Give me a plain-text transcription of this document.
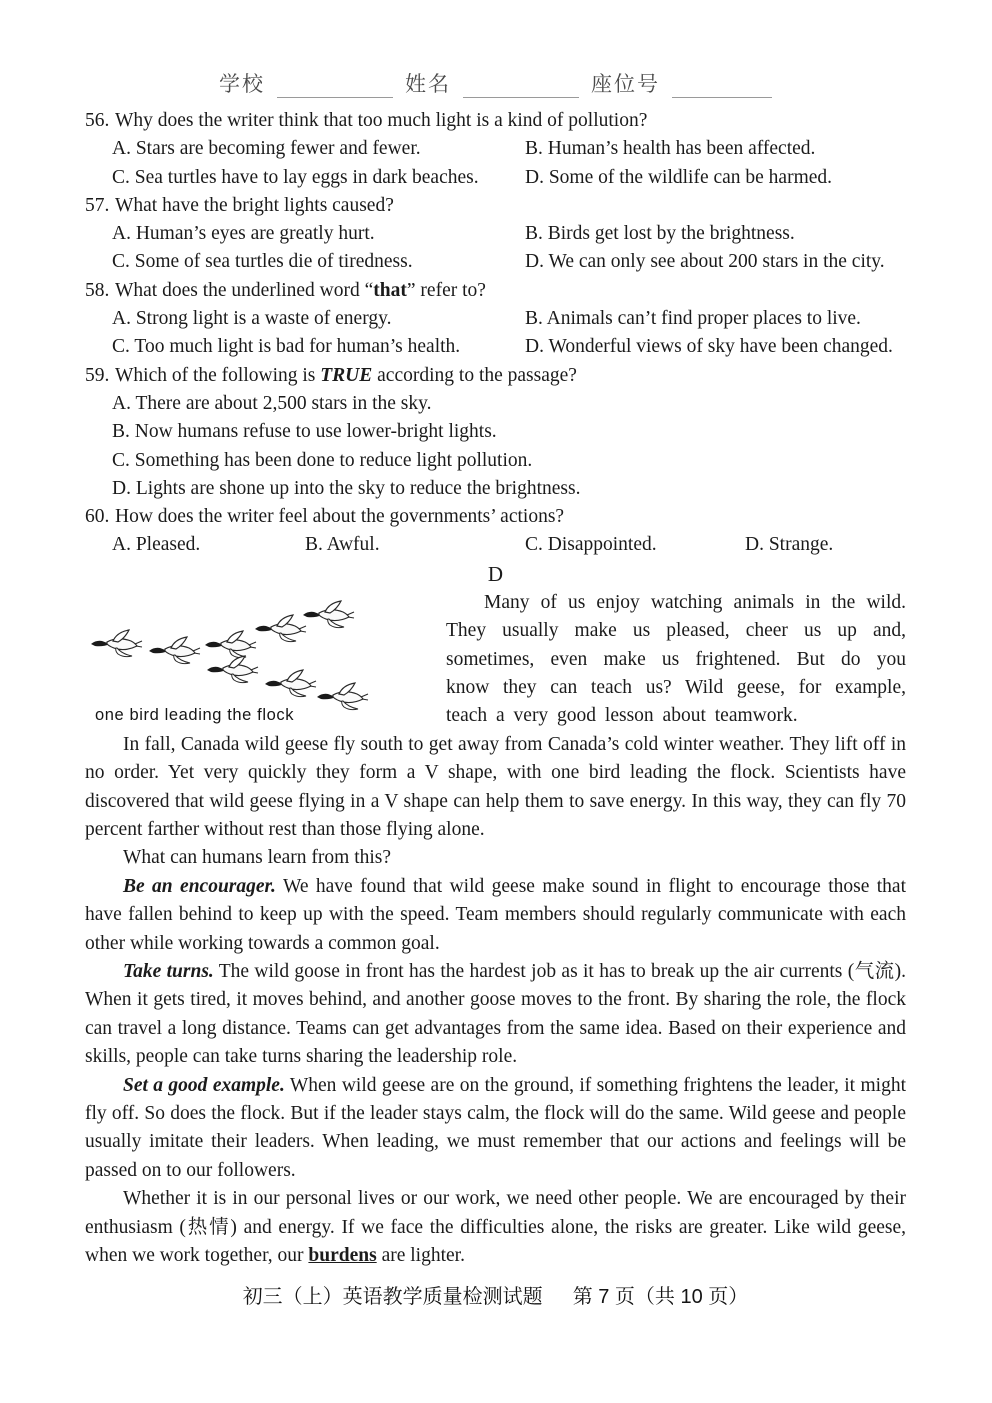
学校	姓名	座位号
56. Why does the writer think that too much light is a kind of pollution?
A. Stars are becoming fewer and fewer.	B. Human’s health has been affected.
C. Sea turtles have to lay eggs in dark beaches.	D. Some of the wildlife can be harmed.
57. What have the bright lights caused?
A. Human’s eyes are greatly hurt.	B. Birds get lost by the brightness.
C. Some of sea turtles die of tiredness.	D. We can only see about 200 stars in the city.
58. What does the underlined word “that” refer to?
A. Strong light is a waste of energy.	B. Animals can’t find proper places to live.
C. Too much light is bad for human’s health.	D. Wonderful views of sky have been changed.
59. Which of the following is TRUE according to the passage?
A. There are about 2,500 stars in the sky.
B. Now humans refuse to use lower-bright lights.
C. Something has been done to reduce light pollution.
D. Lights are shone up into the sky to reduce the brightness.
60. How does the writer feel about the governments’ actions?
A. Pleased.	B. Awful.	C. Disappointed.	D. Strange.

D

one bird leading the flock

Many of us enjoy watching animals in the wild. They usually make us pleased, cheer us up and, sometimes, even make us frightened. But do you know they can teach us? Wild geese, for example, teach a very good lesson about teamwork.

In fall, Canada wild geese fly south to get away from Canada’s cold winter weather. They lift off in no order. Yet very quickly they form a V shape, with one bird leading the flock. Scientists have discovered that wild geese flying in a V shape can help them to save energy. In this way, they can fly 70 percent farther without rest than those flying alone.

What can humans learn from this?

Be an encourager. We have found that wild geese make sound in flight to encourage those that have fallen behind to keep up with the speed. Team members should regularly communicate with each other while working towards a common goal.

Take turns. The wild goose in front has the hardest job as it has to break up the air currents (气流). When it gets tired, it moves behind, and another goose moves to the front. By sharing the role, the flock can travel a long distance. Teams can get advantages from the same idea. Based on their experience and skills, people can take turns sharing the leadership role.

Set a good example. When wild geese are on the ground, if something frightens the leader, it might fly off. So does the flock. But if the leader stays calm, the flock will do the same. Wild geese and people usually imitate their leaders. When leading, we must remember that our actions and feelings will be passed on to our followers.

Whether it is in our personal lives or our work, we need other people. We are encouraged by their enthusiasm (热情) and energy. If we face the difficulties alone, the risks are greater. Like wild geese, when we work together, our burdens are lighter.

初三（上）英语教学质量检测试题 第 7 页（共 10 页）
